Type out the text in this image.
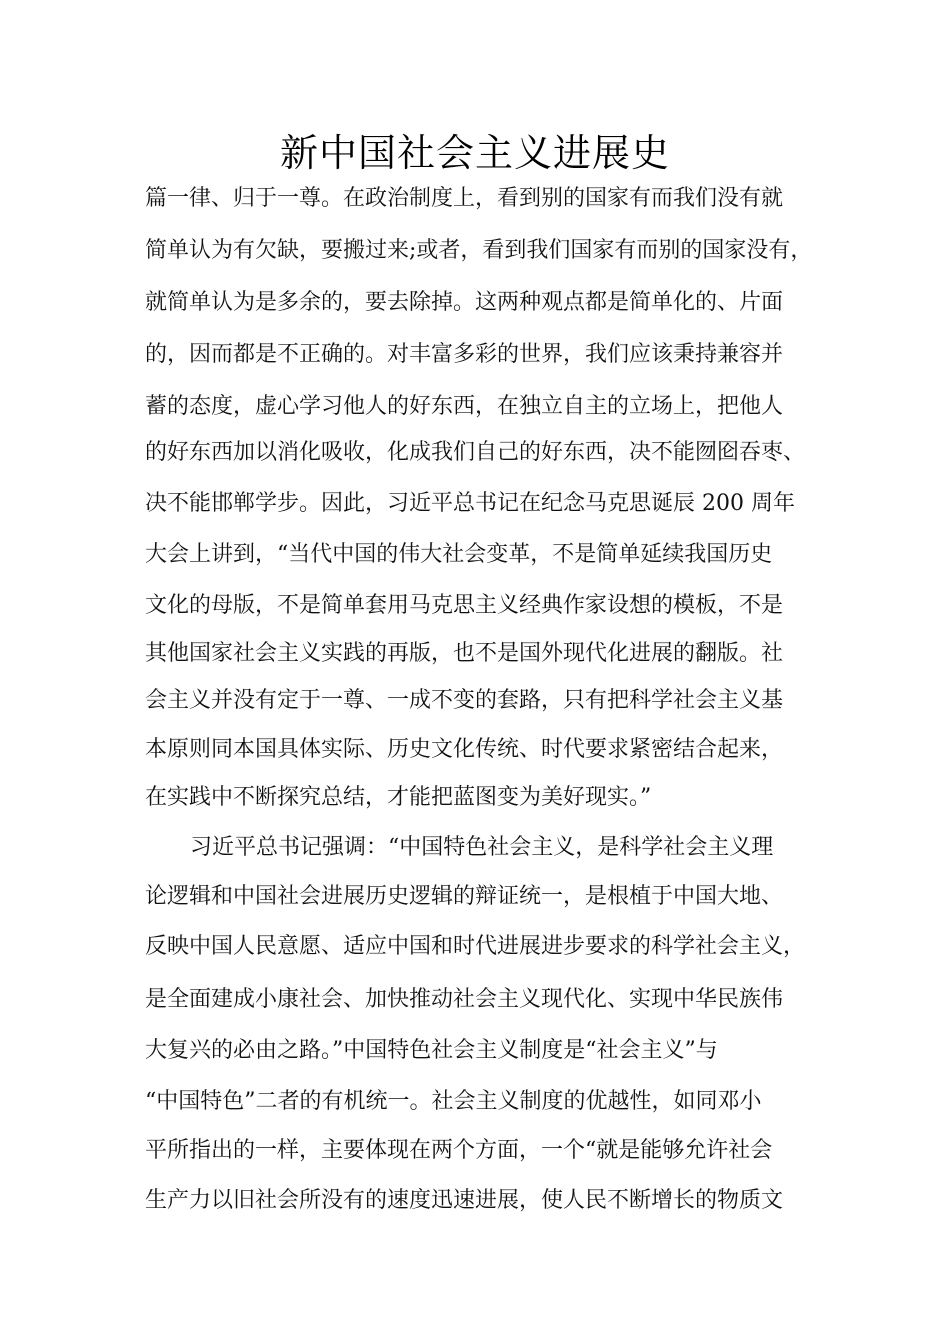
新中国社会主义进展史

篇一律、归于一尊。在政治制度上，看到别的国家有而我们没有就

简单认为有欠缺，要搬过来;或者，看到我们国家有而别的国家没有，

就简单认为是多余的，要去除掉。这两种观点都是简单化的、片面

的，因而都是不正确的。对丰富多彩的世界，我们应该秉持兼容并

蓄的态度，虚心学习他人的好东西，在独立自主的立场上，把他人

的好东西加以消化吸收，化成我们自己的好东西，决不能囫囵吞枣、

决不能邯郸学步。因此，习近平总书记在纪念马克思诞辰 200 周年

大会上讲到，“当代中国的伟大社会变革，不是简单延续我国历史

文化的母版，不是简单套用马克思主义经典作家设想的模板，不是

其他国家社会主义实践的再版，也不是国外现代化进展的翻版。社

会主义并没有定于一尊、一成不变的套路，只有把科学社会主义基

本原则同本国具体实际、历史文化传统、时代要求紧密结合起来，

在实践中不断探究总结，才能把蓝图变为美好现实。”

习近平总书记强调：“中国特色社会主义，是科学社会主义理

论逻辑和中国社会进展历史逻辑的辩证统一，是根植于中国大地、

反映中国人民意愿、适应中国和时代进展进步要求的科学社会主义，

是全面建成小康社会、加快推动社会主义现代化、实现中华民族伟

大复兴的必由之路。”中国特色社会主义制度是“社会主义”与

“中国特色”二者的有机统一。社会主义制度的优越性，如同邓小

平所指出的一样，主要体现在两个方面，一个“就是能够允许社会

生产力以旧社会所没有的速度迅速进展，使人民不断增长的物质文
